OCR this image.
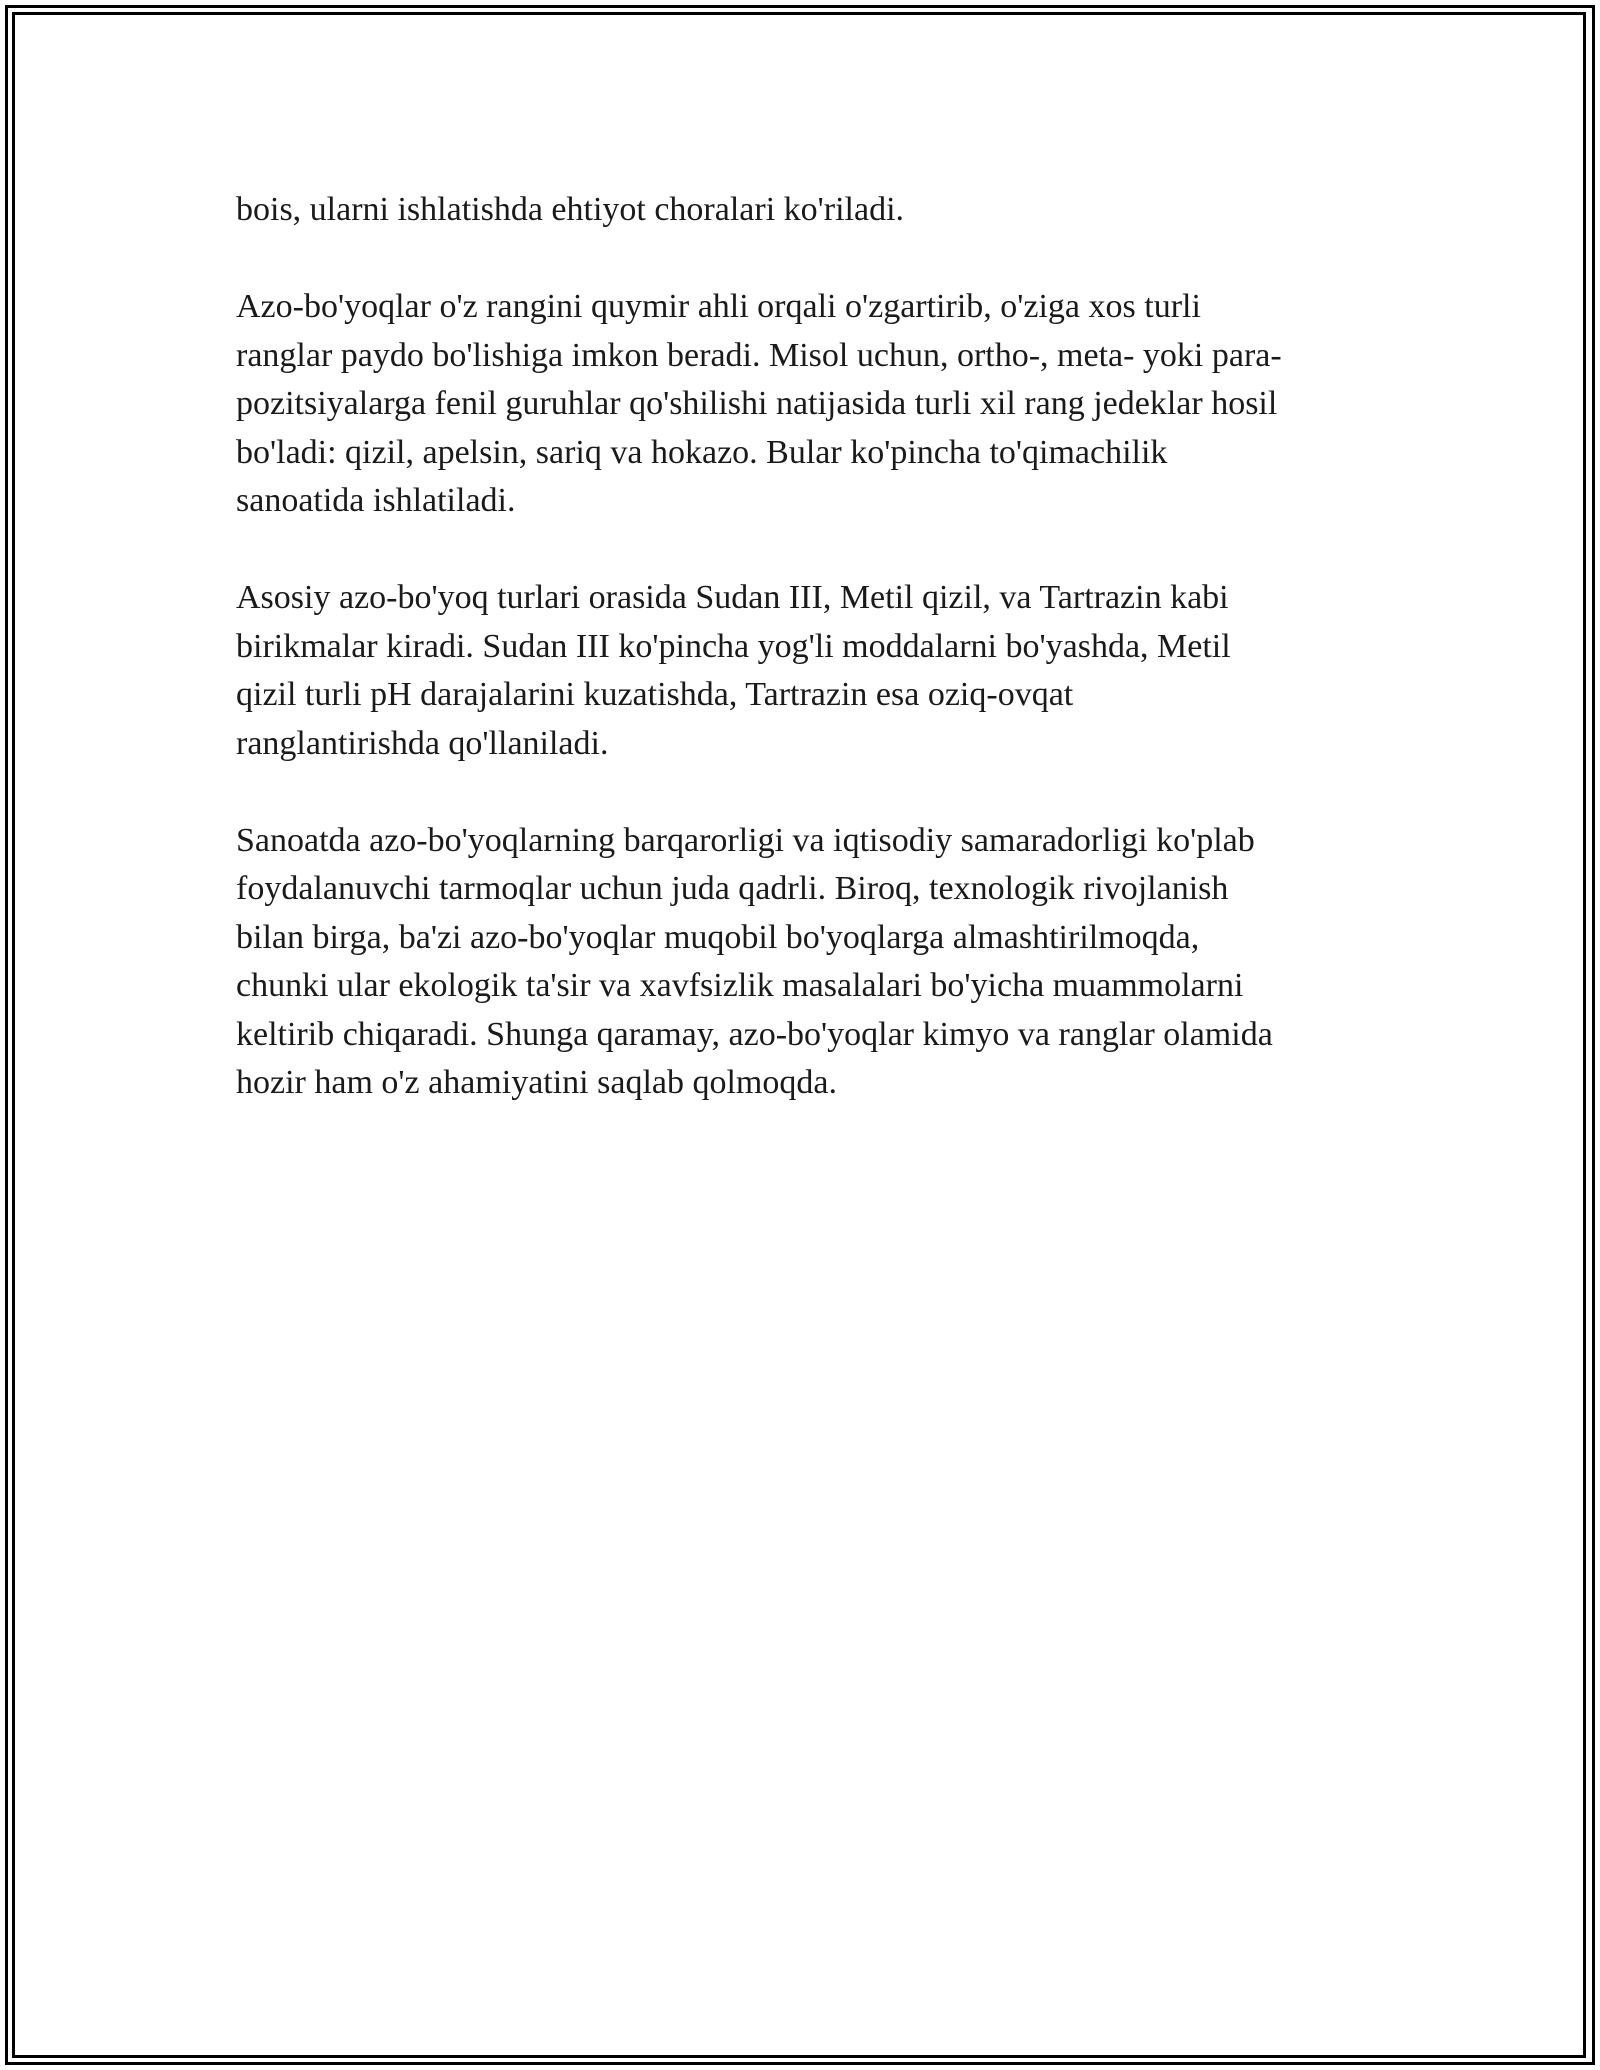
bois, ularni ishlatishda ehtiyot choralari ko'riladi.

Azo-bo'yoqlar o'z rangini quymir ahli orqali o'zgartirib, o'ziga xos turli
ranglar paydo bo'lishiga imkon beradi. Misol uchun, ortho-, meta- yoki para-
pozitsiyalarga fenil guruhlar qo'shilishi natijasida turli xil rang jedeklar hosil
bo'ladi: qizil, apelsin, sariq va hokazo. Bular ko'pincha to'qimachilik
sanoatida ishlatiladi.

Asosiy azo-bo'yoq turlari orasida Sudan III, Metil qizil, va Tartrazin kabi
birikmalar kiradi. Sudan III ko'pincha yog'li moddalarni bo'yashda, Metil
qizil turli pH darajalarini kuzatishda, Tartrazin esa oziq-ovqat
ranglantirishda qo'llaniladi.

Sanoatda azo-bo'yoqlarning barqarorligi va iqtisodiy samaradorligi ko'plab
foydalanuvchi tarmoqlar uchun juda qadrli. Biroq, texnologik rivojlanish
bilan birga, ba'zi azo-bo'yoqlar muqobil bo'yoqlarga almashtirilmoqda,
chunki ular ekologik ta'sir va xavfsizlik masalalari bo'yicha muammolarni
keltirib chiqaradi. Shunga qaramay, azo-bo'yoqlar kimyo va ranglar olamida
hozir ham o'z ahamiyatini saqlab qolmoqda.
